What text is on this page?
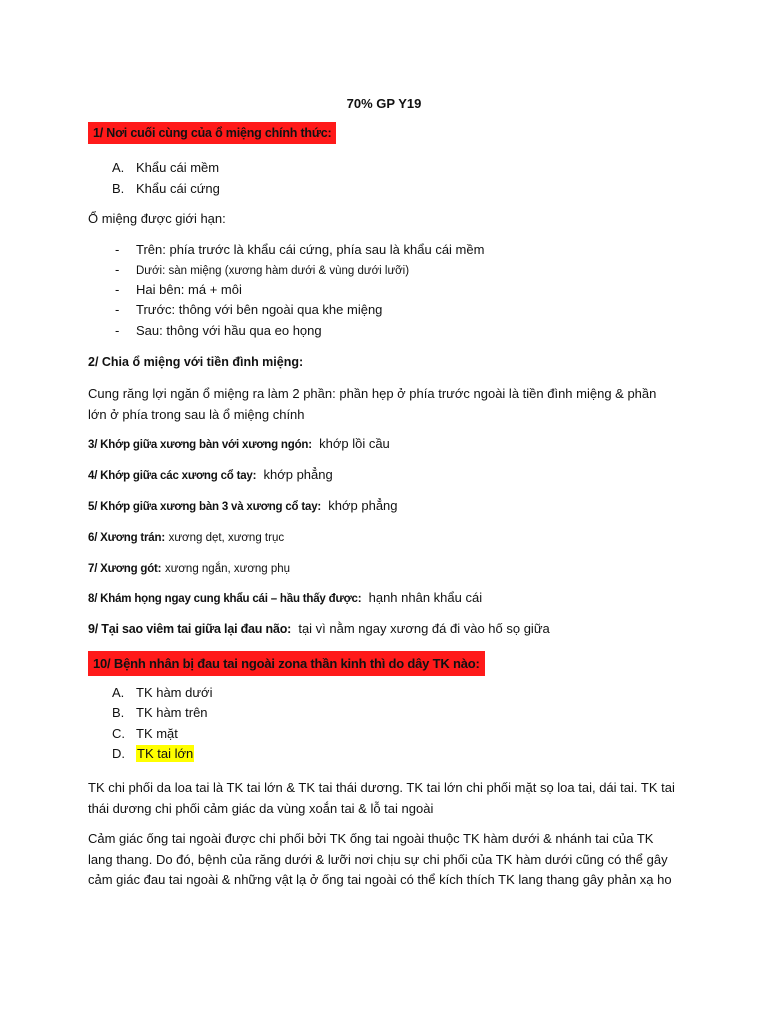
70% GP Y19
1/ Nơi cuối cùng của ổ miệng chính thức:
A. Khẩu cái mềm
B. Khẩu cái cứng
Ổ miệng được giới hạn:
- Trên: phía trước là khẩu cái cứng, phía sau là khẩu cái mềm
- Dưới: sàn miệng (xương hàm dưới & vùng dưới lưỡi)
- Hai bên: má + môi
- Trước: thông với bên ngoài qua khe miệng
- Sau: thông với hầu qua eo họng
2/ Chia ổ miệng với tiền đình miệng:
Cung răng lợi ngăn ổ miệng ra làm 2 phần: phần hẹp ở phía trước ngoài là tiền đình miệng & phần lớn ở phía trong sau là ổ miệng chính
3/ Khớp giữa xương bàn với xương ngón: khớp lồi cầu
4/ Khớp giữa các xương cổ tay: khớp phẳng
5/ Khớp giữa xương bàn 3 và xương cổ tay: khớp phẳng
6/ Xương trán: xương dẹt, xương trục
7/ Xương gót: xương ngắn, xương phụ
8/ Khám họng ngay cung khẩu cái – hầu thấy được: hạnh nhân khẩu cái
9/ Tại sao viêm tai giữa lại đau não: tại vì nằm ngay xương đá đi vào hố sọ giữa
10/ Bệnh nhân bị đau tai ngoài zona thần kinh thì do dây TK nào:
A. TK hàm dưới
B. TK hàm trên
C. TK mặt
D. TK tai lớn
TK chi phối da loa tai là TK tai lớn & TK tai thái dương. TK tai lớn chi phối mặt sọ loa tai, dái tai. TK tai thái dương chi phối cảm giác da vùng xoắn tai & lỗ tai ngoài
Cảm giác ống tai ngoài được chi phối bởi TK ống tai ngoài thuộc TK hàm dưới & nhánh tai của TK lang thang. Do đó, bệnh của răng dưới & lưỡi nơi chịu sự chi phối của TK hàm dưới cũng có thể gây cảm giác đau tai ngoài & những vật lạ ở ống tai ngoài có thể kích thích TK lang thang gây phản xạ ho
